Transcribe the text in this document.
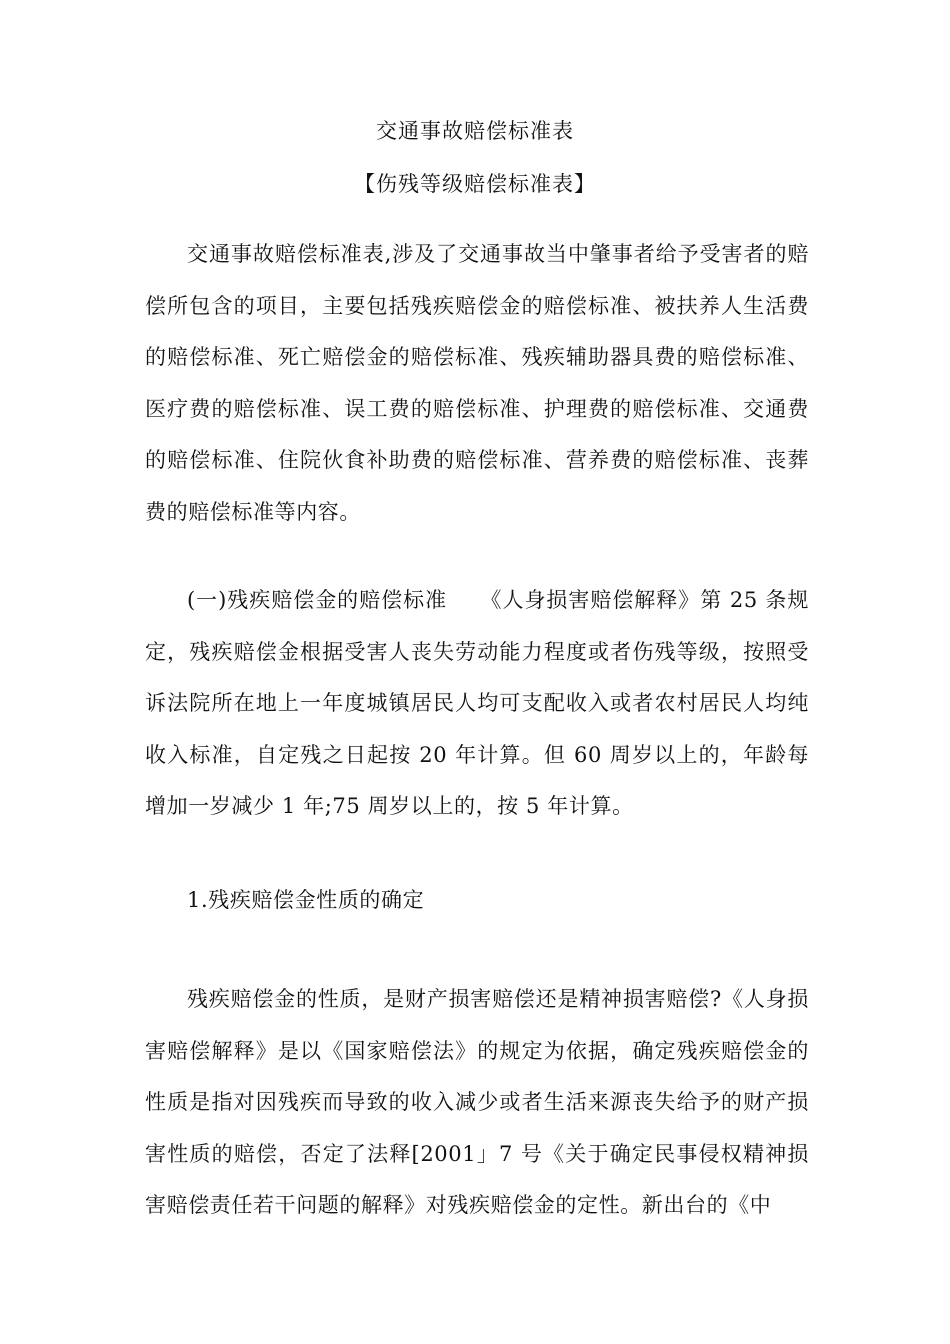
交通事故赔偿标准表
【伤残等级赔偿标准表】

交通事故赔偿标准表,涉及了交通事故当中肇事者给予受害者的赔偿所包含的项目，主要包括残疾赔偿金的赔偿标准、被扶养人生活费的赔偿标准、死亡赔偿金的赔偿标准、残疾辅助器具费的赔偿标准、医疗费的赔偿标准、误工费的赔偿标准、护理费的赔偿标准、交通费的赔偿标准、住院伙食补助费的赔偿标准、营养费的赔偿标准、丧葬费的赔偿标准等内容。

(一)残疾赔偿金的赔偿标准　　《人身损害赔偿解释》第 25 条规定，残疾赔偿金根据受害人丧失劳动能力程度或者伤残等级，按照受诉法院所在地上一年度城镇居民人均可支配收入或者农村居民人均纯收入标准，自定残之日起按 20 年计算。但 60 周岁以上的，年龄每增加一岁减少 1 年;75 周岁以上的，按 5 年计算。

1.残疾赔偿金性质的确定

残疾赔偿金的性质，是财产损害赔偿还是精神损害赔偿?《人身损害赔偿解释》是以《国家赔偿法》的规定为依据，确定残疾赔偿金的性质是指对因残疾而导致的收入减少或者生活来源丧失给予的财产损害性质的赔偿，否定了法释[2001」7 号《关于确定民事侵权精神损害赔偿责任若干问题的解释》对残疾赔偿金的定性。新出台的《中
